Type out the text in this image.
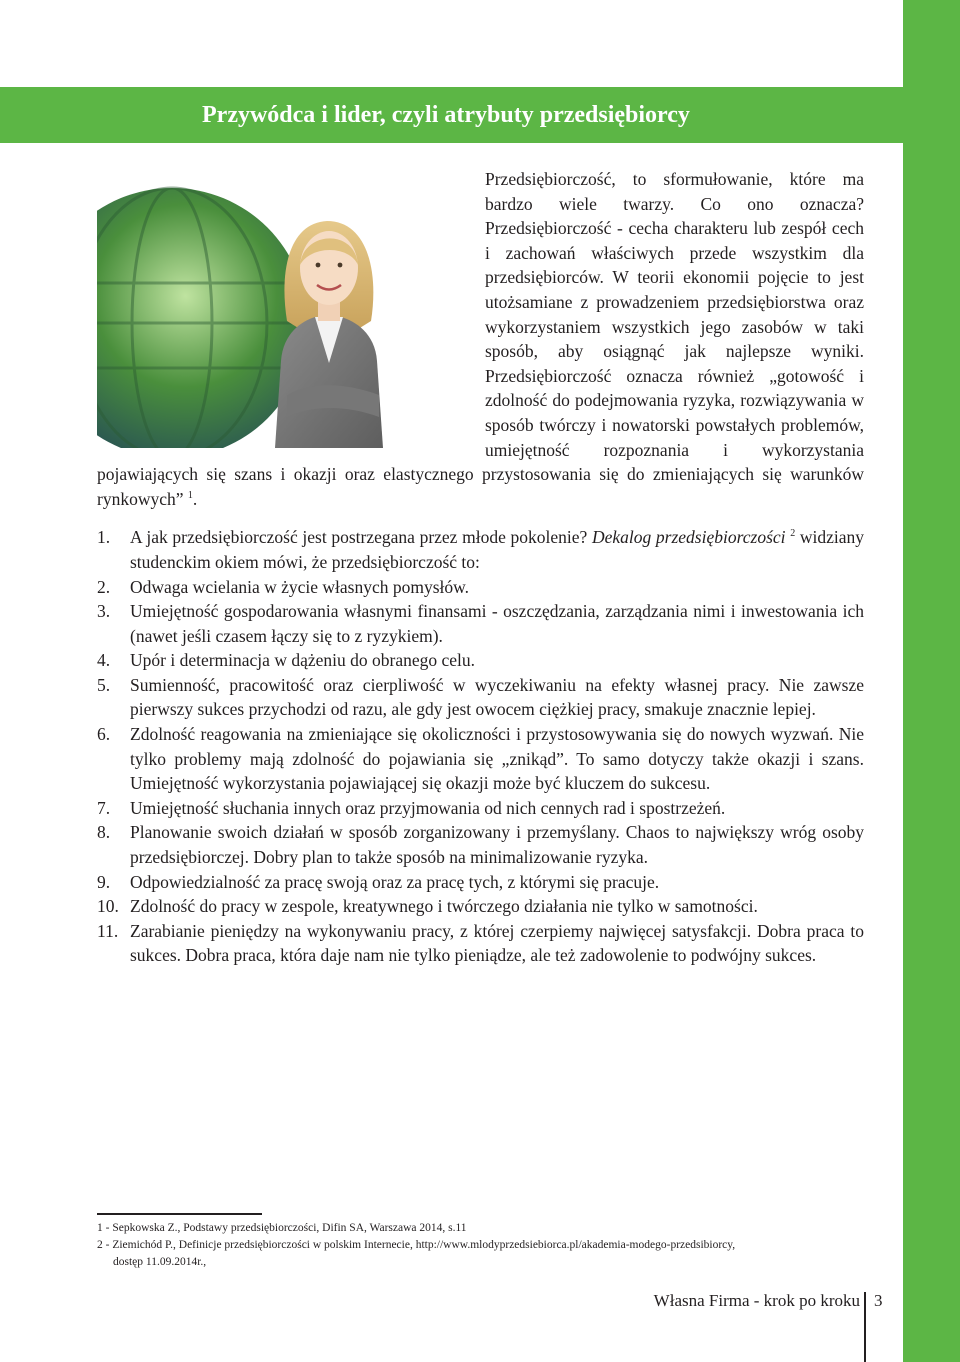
Przywódca i lider, czyli atrybuty przedsiębiorcy

Przedsiębiorczość, to sformułowanie, które ma bardzo wiele twarzy. Co ono oznacza? Przedsiębiorczość - cecha charakteru lub zespół cech i zachowań właściwych przede wszystkim dla przedsiębiorców. W teorii ekonomii pojęcie to jest utożsamiane z prowadzeniem przedsiębiorstwa oraz wykorzystaniem wszystkich jego zasobów w taki sposób, aby osiągnąć jak najlepsze wyniki. Przedsiębiorczość oznacza również „gotowość i zdolność do podejmowania ryzyka, rozwiązywania w sposób twórczy i nowatorski powstałych problemów, umiejętność rozpoznania i wykorzystania pojawiających się szans i okazji oraz elastycznego przystosowania się do zmieniających się warunków rynkowych” $^1$.

1. A jak przedsiębiorczość jest postrzegana przez młode pokolenie? Dekalog przedsiębiorczości $^2$ widziany studenckim okiem mówi, że przedsiębiorczość to:
2. Odwaga wcielania w życie własnych pomysłów.
3. Umiejętność gospodarowania własnymi finansami - oszczędzania, zarządzania nimi i inwestowania ich (nawet jeśli czasem łączy się to z ryzykiem).
4. Upór i determinacja w dążeniu do obranego celu.
5. Sumienność, pracowitość oraz cierpliwość w wyczekiwaniu na efekty własnej pracy. Nie zawsze pierwszy sukces przychodzi od razu, ale gdy jest owocem ciężkiej pracy, smakuje znacznie lepiej.
6. Zdolność reagowania na zmieniające się okoliczności i przystosowywania się do nowych wyzwań. Nie tylko problemy mają zdolność do pojawiania się „znikąd”. To samo dotyczy także okazji i szans. Umiejętność wykorzystania pojawiającej się okazji może być kluczem do sukcesu.
7. Umiejętność słuchania innych oraz przyjmowania od nich cennych rad i spostrzeżeń.
8. Planowanie swoich działań w sposób zorganizowany i przemyślany. Chaos to największy wróg osoby przedsiębiorczej. Dobry plan to także sposób na minimalizowanie ryzyka.
9. Odpowiedzialność za pracę swoją oraz za pracę tych, z którymi się pracuje.
10. Zdolność do pracy w zespole, kreatywnego i twórczego działania nie tylko w samotności.
11. Zarabianie pieniędzy na wykonywaniu pracy, z której czerpiemy najwięcej satysfakcji. Dobra praca to sukces. Dobra praca, która daje nam nie tylko pieniądze, ale też zadowolenie to podwójny sukces.
1 - Sepkowska Z., Podstawy przedsiębiorczości, Difin SA, Warszawa 2014, s.11
2 - Ziemichód P., Definicje przedsiębiorczości w polskim Internecie, http://www.mlodyprzedsiebiorca.pl/akademia-modego-przedsibiorcy,
dostęp 11.09.2014r.,
Własna Firma - krok po kroku 3
